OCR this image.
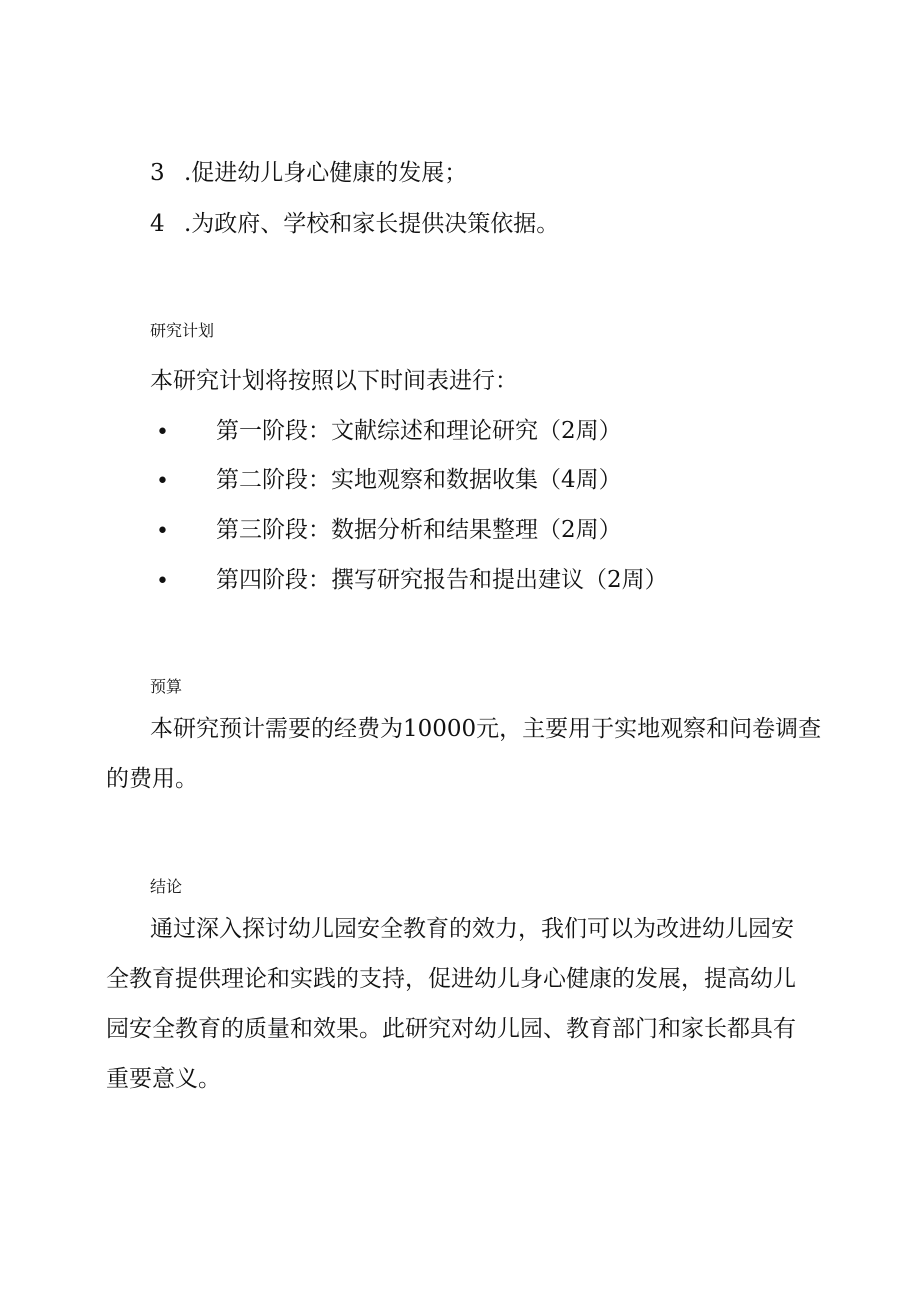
3 .促进幼儿身心健康的发展；
4 .为政府、学校和家长提供决策依据。
研究计划
本研究计划将按照以下时间表进行：
• 第一阶段：文献综述和理论研究（2周）
• 第二阶段：实地观察和数据收集（4周）
• 第三阶段：数据分析和结果整理（2周）
• 第四阶段：撰写研究报告和提出建议（2周）
预算
本研究预计需要的经费为10000元，主要用于实地观察和问卷调查
的费用。
结论
通过深入探讨幼儿园安全教育的效力，我们可以为改进幼儿园安
全教育提供理论和实践的支持，促进幼儿身心健康的发展，提高幼儿
园安全教育的质量和效果。此研究对幼儿园、教育部门和家长都具有
重要意义。
